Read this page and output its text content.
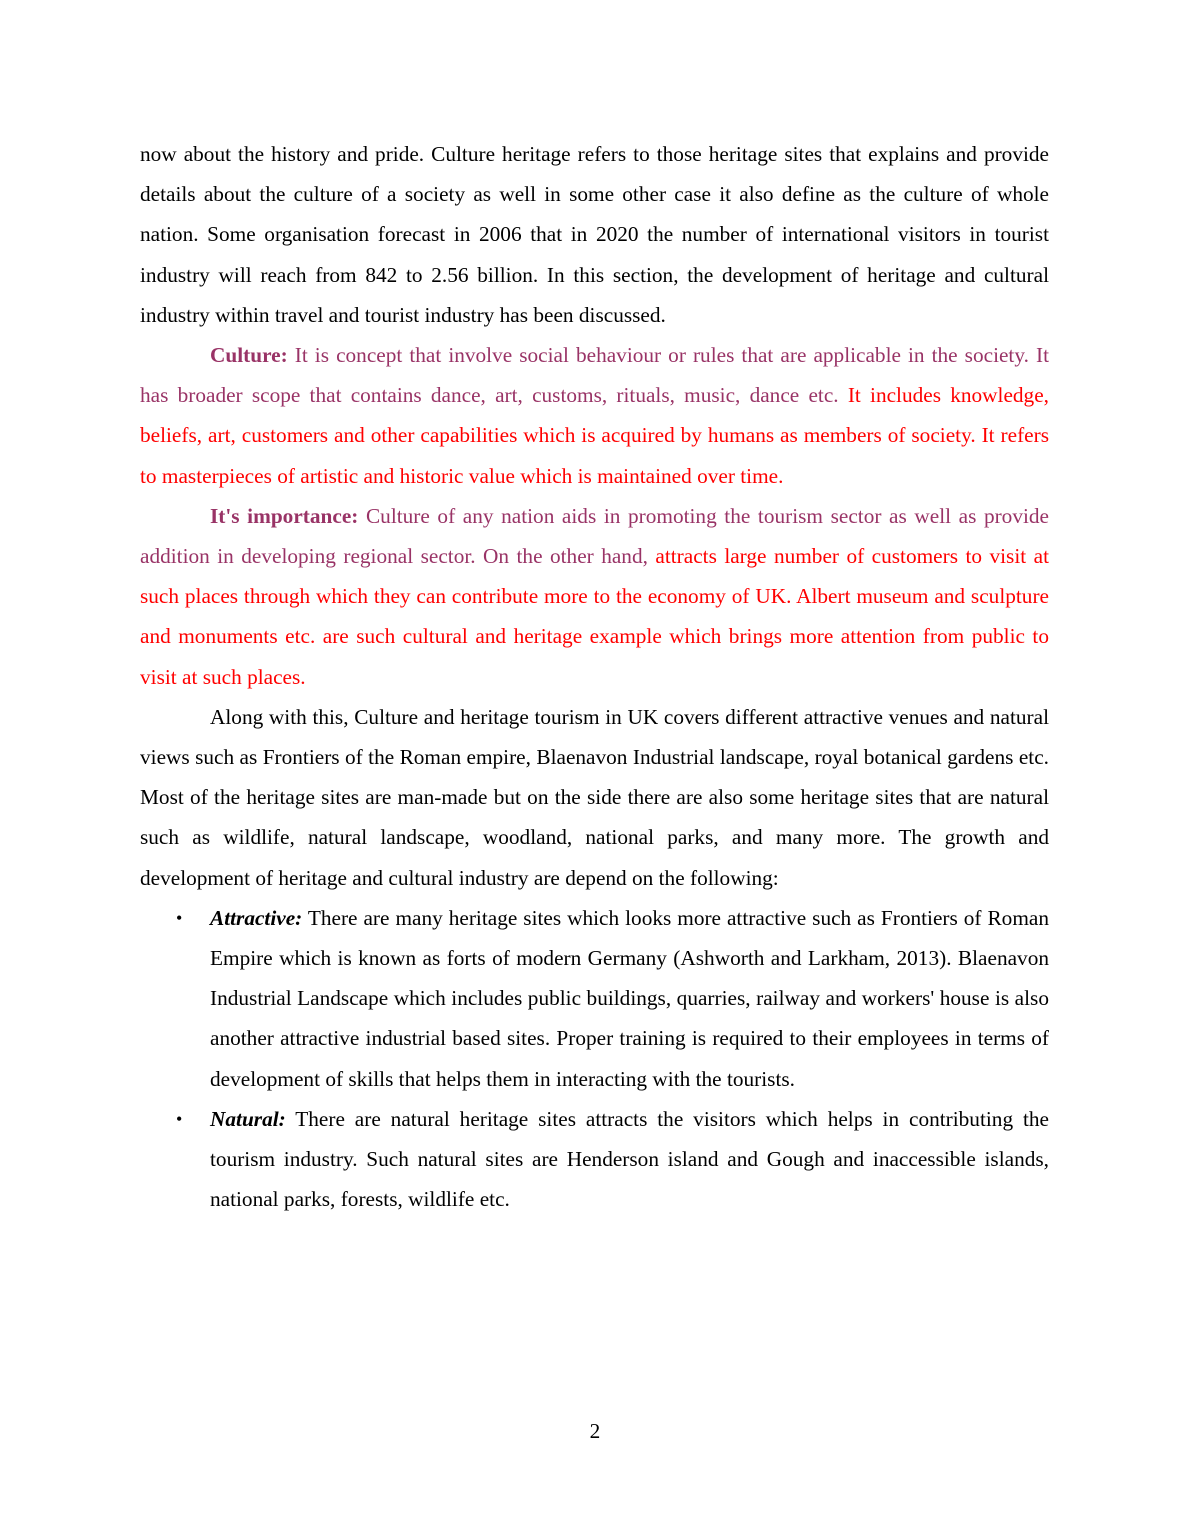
now about the history and pride. Culture heritage refers to those heritage sites that explains and provide details about the culture of a society as well in some other case it also define as the culture of whole nation. Some organisation forecast in 2006 that in 2020 the number of international visitors in tourist industry will reach from 842 to 2.56 billion. In this section, the development of heritage and cultural industry within travel and tourist industry has been discussed.

Culture: It is concept that involve social behaviour or rules that are applicable in the society. It has broader scope that contains dance, art, customs, rituals, music, dance etc. It includes knowledge, beliefs, art, customers and other capabilities which is acquired by humans as members of society. It refers to masterpieces of artistic and historic value which is maintained over time.

It's importance: Culture of any nation aids in promoting the tourism sector as well as provide addition in developing regional sector. On the other hand, attracts large number of customers to visit at such places through which they can contribute more to the economy of UK. Albert museum and sculpture and monuments etc. are such cultural and heritage example which brings more attention from public to visit at such places.

Along with this, Culture and heritage tourism in UK covers different attractive venues and natural views such as Frontiers of the Roman empire, Blaenavon Industrial landscape, royal botanical gardens etc. Most of the heritage sites are man-made but on the side there are also some heritage sites that are natural such as wildlife, natural landscape, woodland, national parks, and many more. The growth and development of heritage and cultural industry are depend on the following:

•	Attractive: There are many heritage sites which looks more attractive such as Frontiers of Roman Empire which is known as forts of modern Germany (Ashworth and Larkham, 2013). Blaenavon Industrial Landscape which includes public buildings, quarries, railway and workers' house is also another attractive industrial based sites. Proper training is required to their employees in terms of development of skills that helps them in interacting with the tourists.

•	Natural: There are natural heritage sites attracts the visitors which helps in contributing the tourism industry. Such natural sites are Henderson island and Gough and inaccessible islands, national parks, forests, wildlife etc.

2
